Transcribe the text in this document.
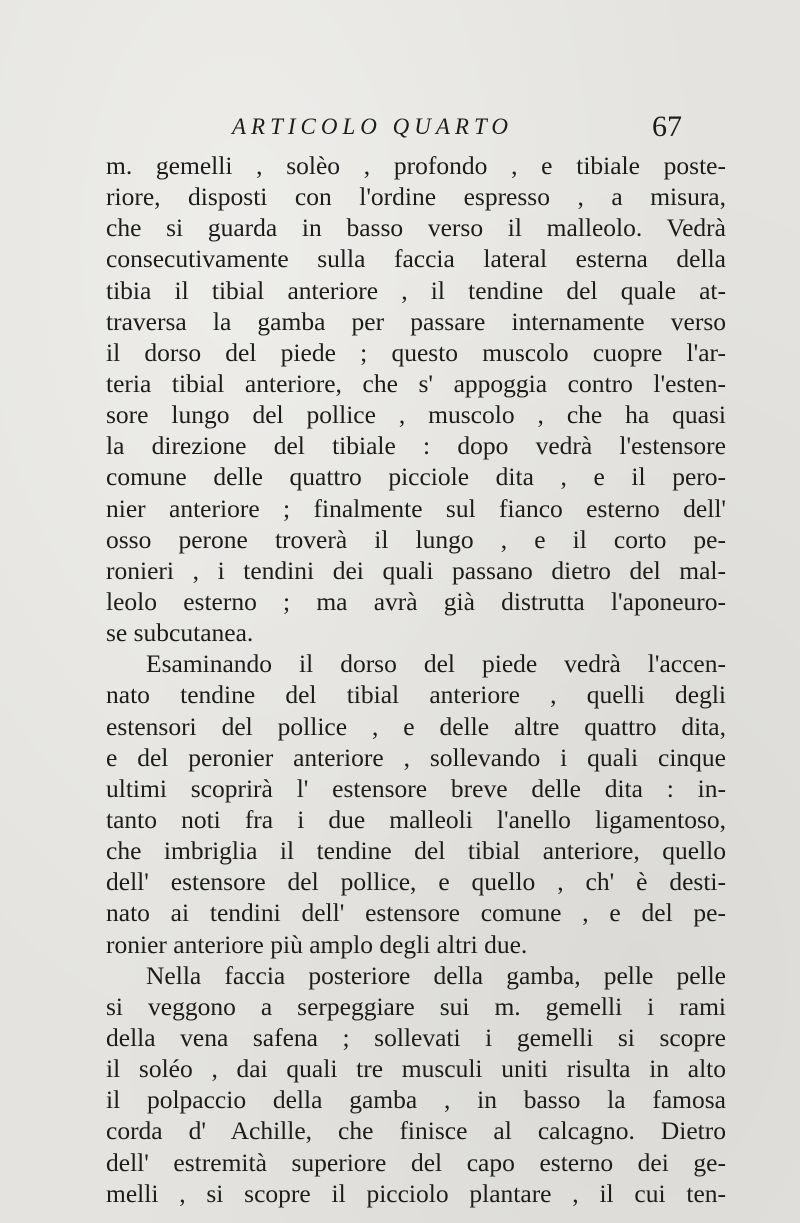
ARTICOLO QUARTO	67
m. gemelli , solèo , profondo , e tibiale poste-
riore, disposti con l'ordine espresso , a misura,
che si guarda in basso verso il malleolo. Vedrà
consecutivamente sulla faccia lateral esterna della
tibia il tibial anteriore , il tendine del quale at-
traversa la gamba per passare internamente verso
il dorso del piede ; questo muscolo cuopre l'ar-
teria tibial anteriore, che s' appoggia contro l'esten-
sore lungo del pollice , muscolo , che ha quasi
la direzione del tibiale : dopo vedrà l'estensore
comune delle quattro picciole dita , e il pero-
nier anteriore ; finalmente sul fianco esterno dell'
osso perone troverà il lungo , e il corto pe-
ronieri , i tendini dei quali passano dietro del mal-
leolo esterno ; ma avrà già distrutta l'aponeuro-
se subcutanea.
Esaminando il dorso del piede vedrà l'accen-
nato tendine del tibial anteriore , quelli degli
estensori del pollice , e delle altre quattro dita,
e del peronier anteriore , sollevando i quali cinque
ultimi scoprirà l' estensore breve delle dita : in-
tanto noti fra i due malleoli l'anello ligamentoso,
che imbriglia il tendine del tibial anteriore, quello
dell' estensore del pollice, e quello , ch' è desti-
nato ai tendini dell' estensore comune , e del pe-
ronier anteriore più amplo degli altri due.
Nella faccia posteriore della gamba, pelle pelle
si veggono a serpeggiare sui m. gemelli i rami
della vena safena ; sollevati i gemelli si scopre
il soléo , dai quali tre musculi uniti risulta in alto
il polpaccio della gamba , in basso la famosa
corda d' Achille, che finisce al calcagno. Dietro
dell' estremità superiore del capo esterno dei ge-
melli , si scopre il picciolo plantare , il cui ten-
